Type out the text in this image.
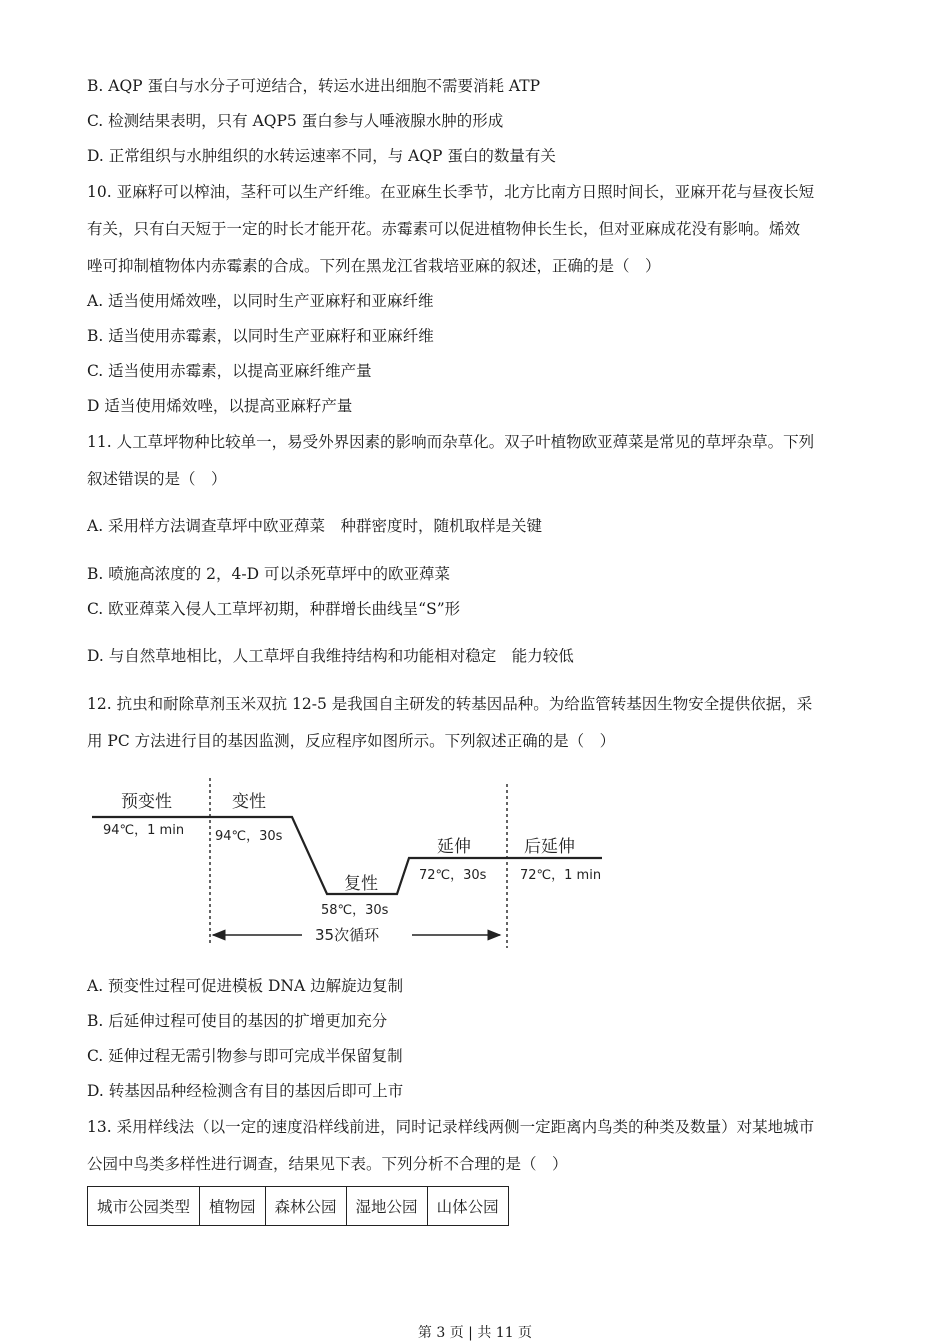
B. AQP 蛋白与水分子可逆结合，转运水进出细胞不需要消耗 ATP
C. 检测结果表明，只有 AQP5 蛋白参与人唾液腺水肿的形成
D. 正常组织与水肿组织的水转运速率不同，与 AQP 蛋白的数量有关
10. 亚麻籽可以榨油，茎秆可以生产纤维。在亚麻生长季节，北方比南方日照时间长，亚麻开花与昼夜长短
有关，只有白天短于一定的时长才能开花。赤霉素可以促进植物伸长生长，但对亚麻成花没有影响。烯效
唑可抑制植物体内赤霉素的合成。下列在黑龙江省栽培亚麻的叙述，正确的是（　）
A. 适当使用烯效唑，以同时生产亚麻籽和亚麻纤维
B. 适当使用赤霉素，以同时生产亚麻籽和亚麻纤维
C. 适当使用赤霉素，以提高亚麻纤维产量
D 适当使用烯效唑，以提高亚麻籽产量
11. 人工草坪物种比较单一，易受外界因素的影响而杂草化。双子叶植物欧亚蔊菜是常见的草坪杂草。下列
叙述错误的是（　）
A. 采用样方法调查草坪中欧亚蔊菜　种群密度时，随机取样是关键
B. 喷施高浓度的 2，4-D 可以杀死草坪中的欧亚蔊菜
C. 欧亚蔊菜入侵人工草坪初期，种群增长曲线呈“S”形
D. 与自然草地相比，人工草坪自我维持结构和功能相对稳定　能力较低
12. 抗虫和耐除草剂玉米双抗 12-5 是我国自主研发的转基因品种。为给监管转基因生物安全提供依据，采
用 PC 方法进行目的基因监测，反应程序如图所示。下列叙述正确的是（　）
预变性
94℃，1 min
变性
94℃，30s
复性
58℃，30s
延伸
72℃，30s
后延伸
72℃，1 min
35次循环
A. 预变性过程可促进模板 DNA 边解旋边复制
B. 后延伸过程可使目的基因的扩增更加充分
C. 延伸过程无需引物参与即可完成半保留复制
D. 转基因品种经检测含有目的基因后即可上市
13. 采用样线法（以一定的速度沿样线前进，同时记录样线两侧一定距离内鸟类的种类及数量）对某地城市
公园中鸟类多样性进行调查，结果见下表。下列分析不合理的是（　）
城市公园类型	植物园	森林公园	湿地公园	山体公园
第 3 页 | 共 11 页
